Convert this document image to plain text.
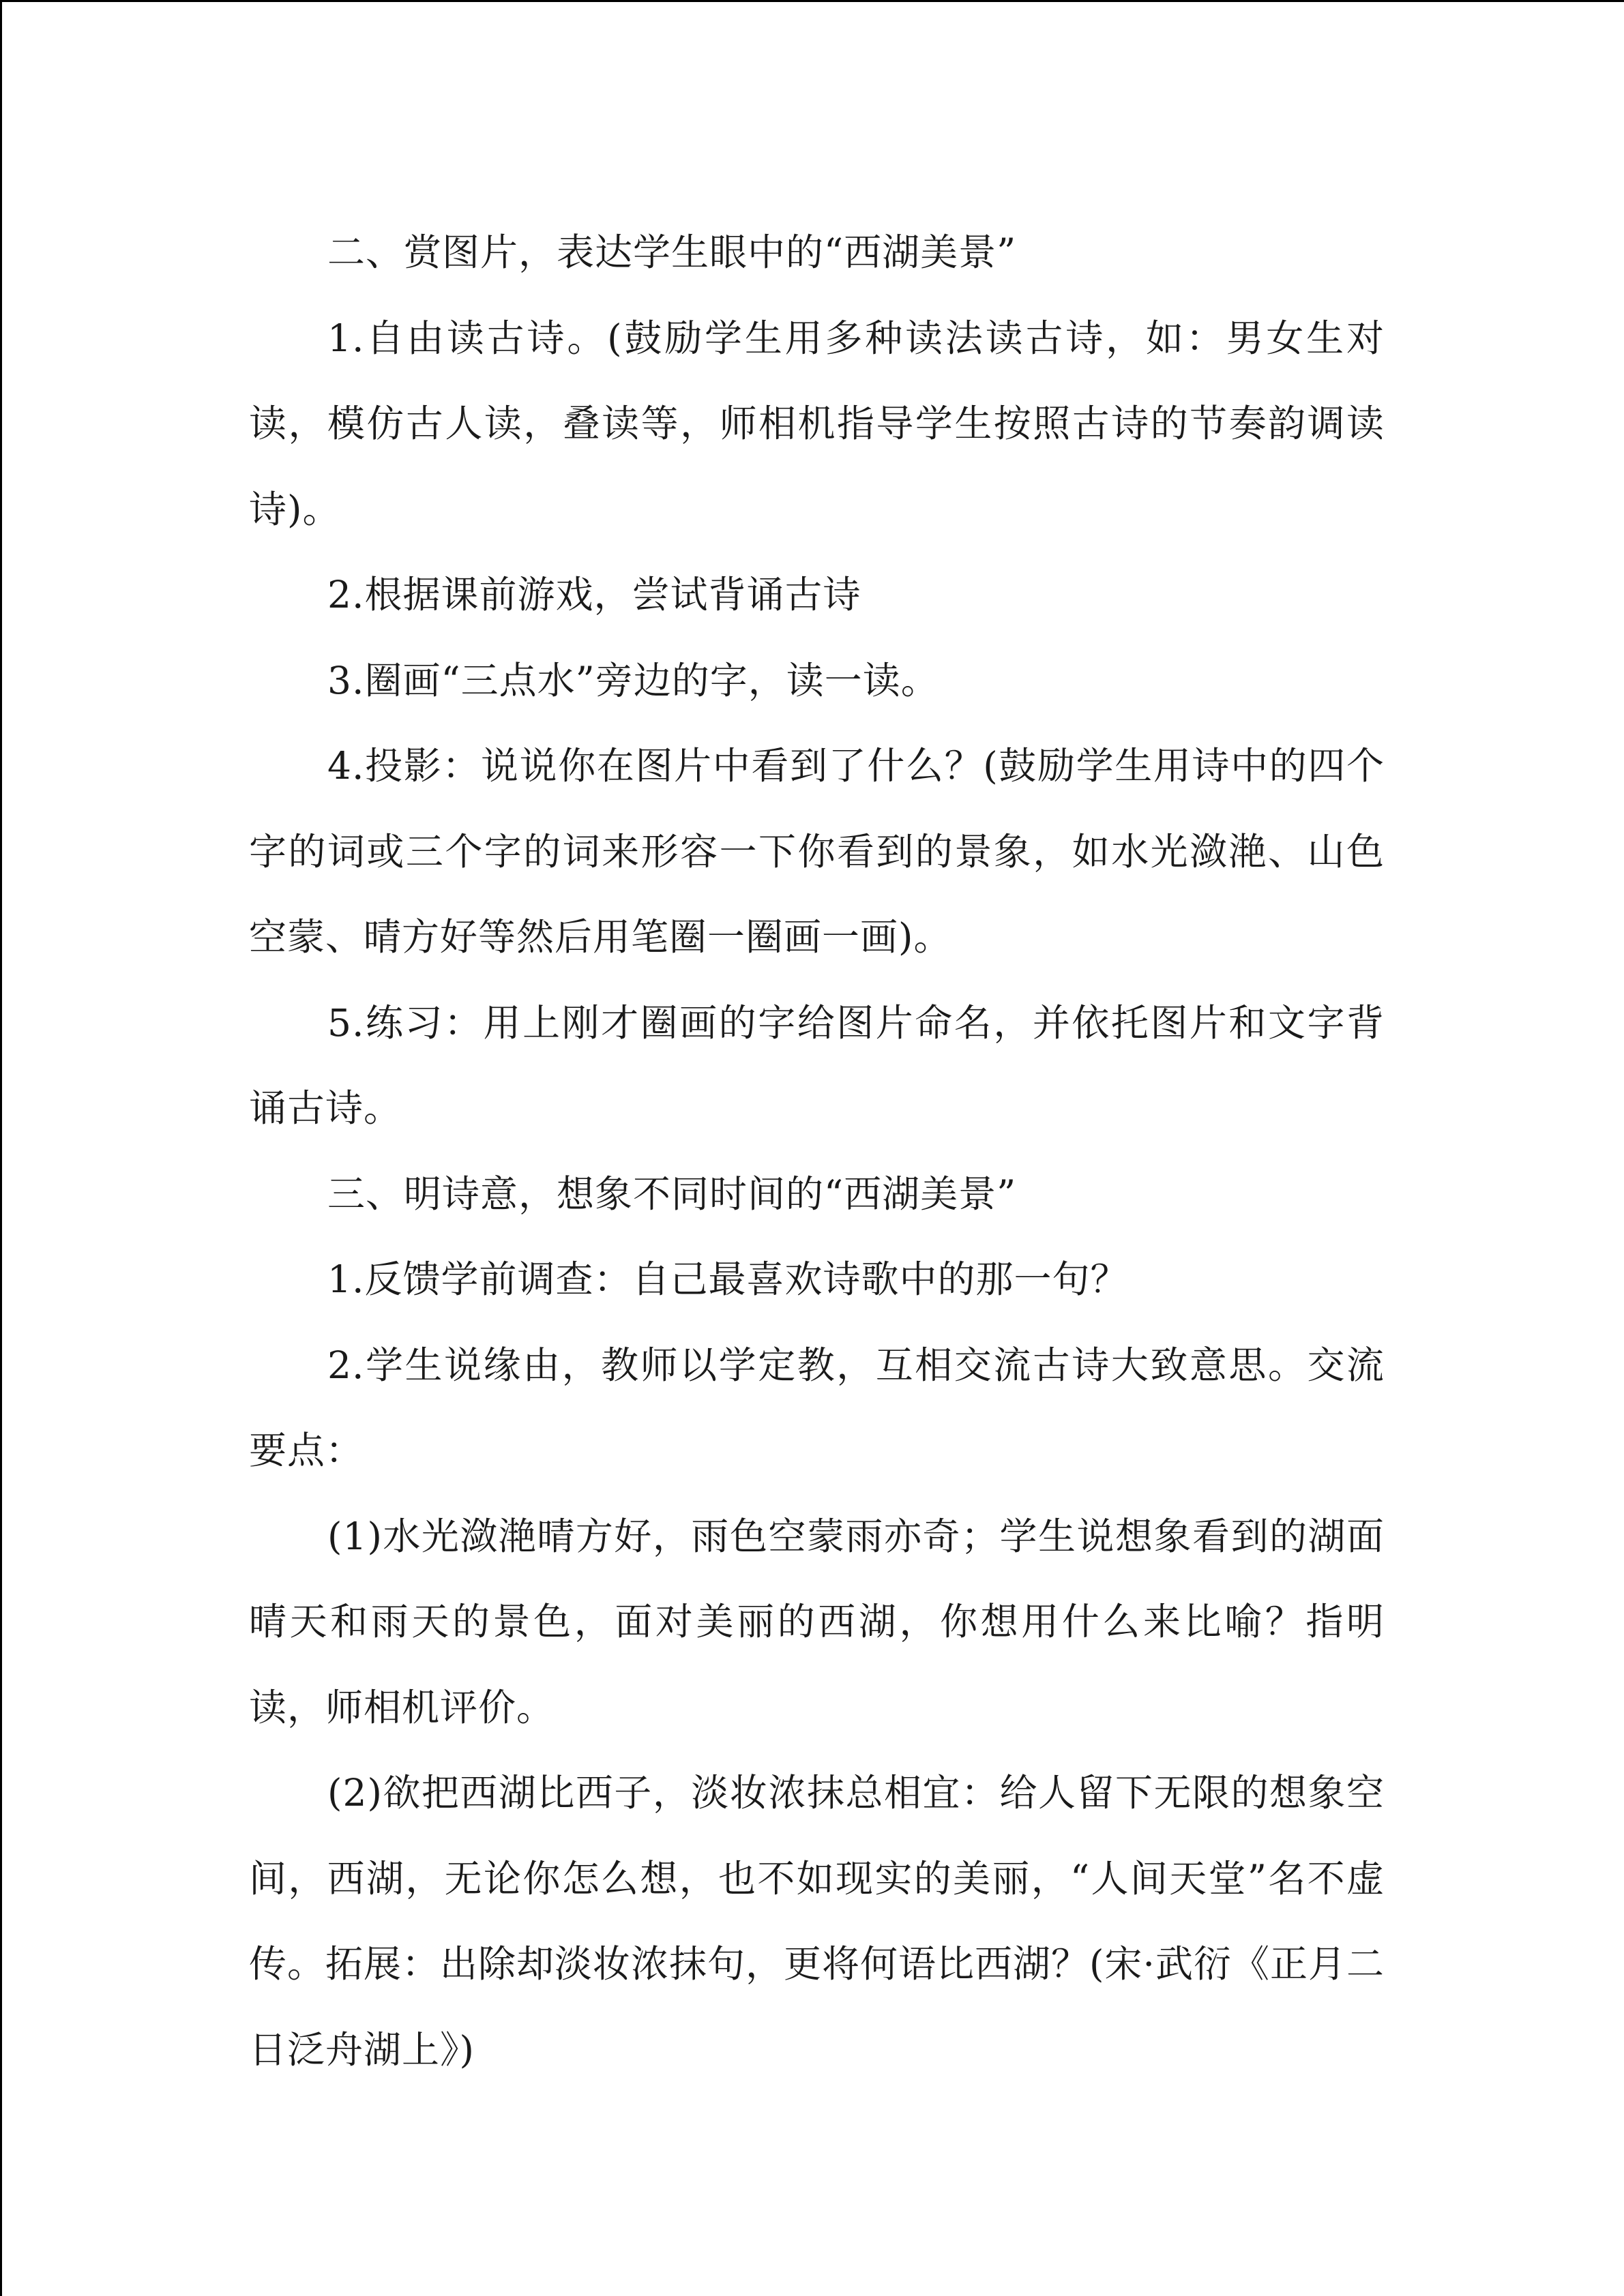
二、赏图片，表达学生眼中的“西湖美景”

1.自由读古诗。(鼓励学生用多种读法读古诗，如：男女生对读，模仿古人读，叠读等，师相机指导学生按照古诗的节奏韵调读诗)。

2.根据课前游戏，尝试背诵古诗

3.圈画“三点水”旁边的字，读一读。

4.投影：说说你在图片中看到了什么？(鼓励学生用诗中的四个字的词或三个字的词来形容一下你看到的景象，如水光潋滟、山色空蒙、晴方好等然后用笔圈一圈画一画)。

5.练习：用上刚才圈画的字给图片命名，并依托图片和文字背诵古诗。

三、明诗意，想象不同时间的“西湖美景”

1.反馈学前调查：自己最喜欢诗歌中的那一句？

2.学生说缘由，教师以学定教，互相交流古诗大致意思。交流要点：

(1)水光潋滟晴方好，雨色空蒙雨亦奇；学生说想象看到的湖面晴天和雨天的景色，面对美丽的西湖，你想用什么来比喻？指明读，师相机评价。

(2)欲把西湖比西子，淡妆浓抹总相宜：给人留下无限的想象空间，西湖，无论你怎么想，也不如现实的美丽，“人间天堂”名不虚传。拓展：出除却淡妆浓抹句，更将何语比西湖？(宋·武衍《正月二日泛舟湖上》)
